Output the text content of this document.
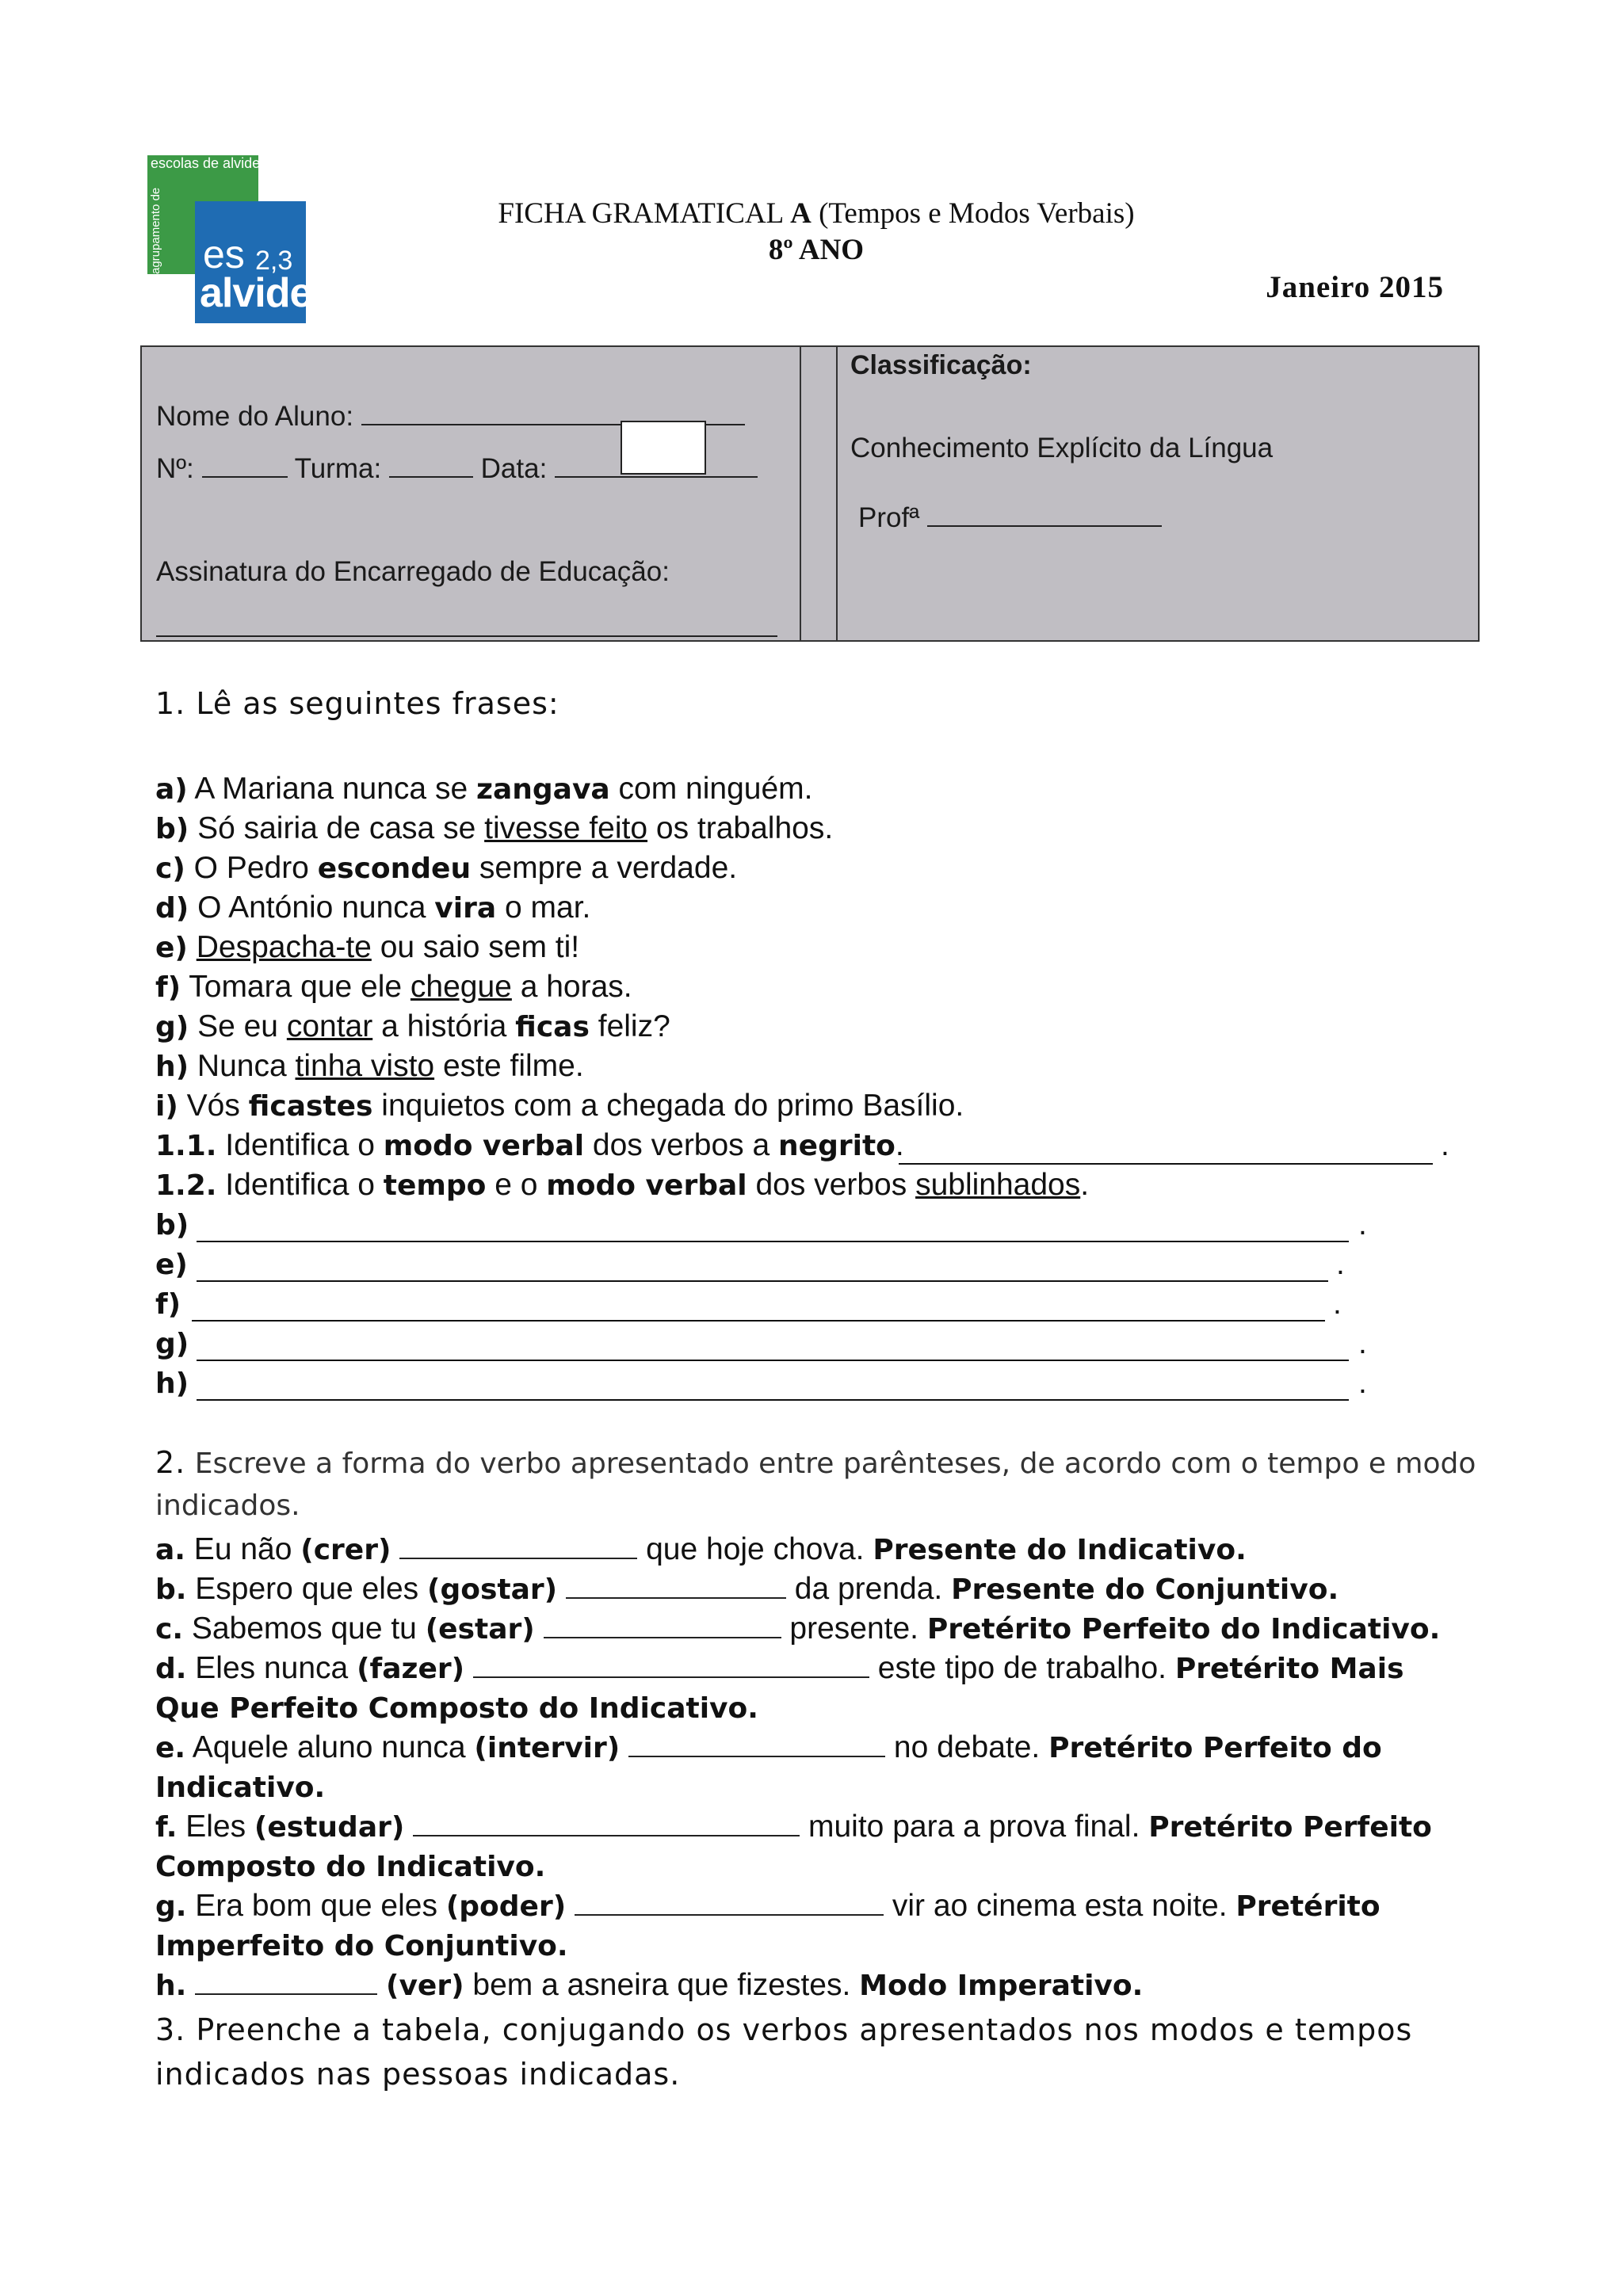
escolas de alvide
agrupamento de es 2,3
alvide
FICHA GRAMATICAL A (Tempos e Modos Verbais)
8º ANO
Janeiro 2015
Nome do Aluno:
Nº:	Turma:	Data:
Assinatura do Encarregado de Educação:
Classificação:
Conhecimento Explícito da Língua
Profª
1. Lê as seguintes frases:
a) A Mariana nunca se zangava com ninguém.
b) Só sairia de casa se tivesse feito os trabalhos.
c) O Pedro escondeu sempre a verdade.
d) O António nunca vira o mar.
e) Despacha-te ou saio sem ti!
f) Tomara que ele chegue a horas.
g) Se eu contar a história ficas feliz?
h) Nunca tinha visto este filme.
i) Vós ficastes inquietos com a chegada do primo Basílio.
1.1. Identifica o modo verbal dos verbos a negrito.	.
1.2. Identifica o tempo e o modo verbal dos verbos sublinhados.
b)	.
e)	.
f)	.
g)	.
h)	.
2. Escreve a forma do verbo apresentado entre parênteses, de acordo com o tempo e modo
indicados.
a. Eu não (crer)	que hoje chova. Presente do Indicativo.
b. Espero que eles (gostar)	da prenda. Presente do Conjuntivo.
c. Sabemos que tu (estar)	presente. Pretérito Perfeito do Indicativo.
d. Eles nunca (fazer)	este tipo de trabalho. Pretérito Mais
Que Perfeito Composto do Indicativo.
e. Aquele aluno nunca (intervir)	no debate. Pretérito Perfeito do
Indicativo.
f. Eles (estudar)	muito para a prova final. Pretérito Perfeito
Composto do Indicativo.
g. Era bom que eles (poder)	vir ao cinema esta noite. Pretérito
Imperfeito do Conjuntivo.
h.	(ver) bem a asneira que fizestes. Modo Imperativo.
3. Preenche a tabela, conjugando os verbos apresentados nos modos e tempos
indicados nas pessoas indicadas.
